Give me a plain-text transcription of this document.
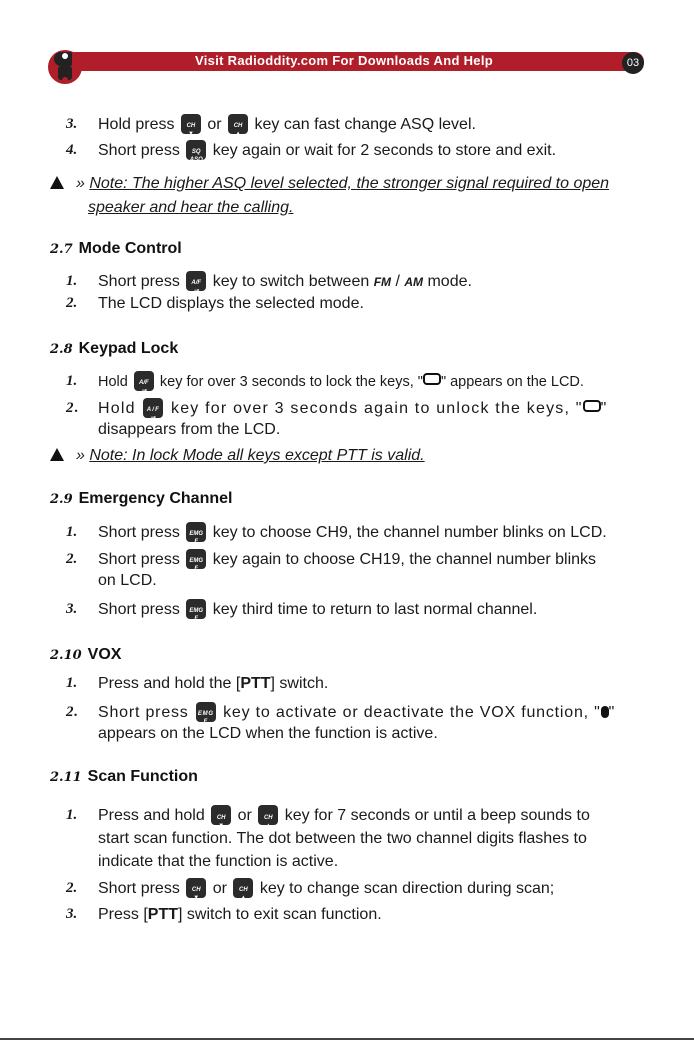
Visit Radioddity.com For Downloads And Help	03
3. Hold press	CH
▼
or	CH
▲
key can fast change ASQ level.
4. Short press	SQ
ASQ
key again or wait for 2 seconds to store and exit.
» Note: The higher ASQ level selected, the stronger signal required to open
speaker and hear the calling.
2.7 Mode Control
1. Short press	A/F
⊸
key to switch between FM / AM mode.
2. The LCD displays the selected mode.
2.8 Keypad Lock
1. Hold	A/F
⊸
key for over 3 seconds to lock the keys, " " appears on the LCD.
2. Hold A/F
⊸
key for over 3 seconds again to unlock the keys, " "
disappears from the LCD.
» Note: In lock Mode all keys except PTT is valid.
2.9 Emergency Channel
1. Short press EMG
F
key to choose CH9, the channel number blinks on LCD.
2. Short press EMG
F
key again to choose CH19, the channel number blinks
on LCD.
3. Short press EMG
F
key third time to return to last normal channel.
2.10 VOX
1. Press and hold the [PTT] switch.
2. Short press EMG
F
key to activate or deactivate the VOX function, " "
appears on the LCD when the function is active.
2.11 Scan Function
1. Press and hold	CH
▼
or	CH
▲
key for 7 seconds or until a beep sounds to
start scan function. The dot between the two channel digits flashes to
indicate that the function is active.
2. Short press	CH
▼
or	CH
▲
key to change scan direction during scan;
3. Press [PTT] switch to exit scan function.
